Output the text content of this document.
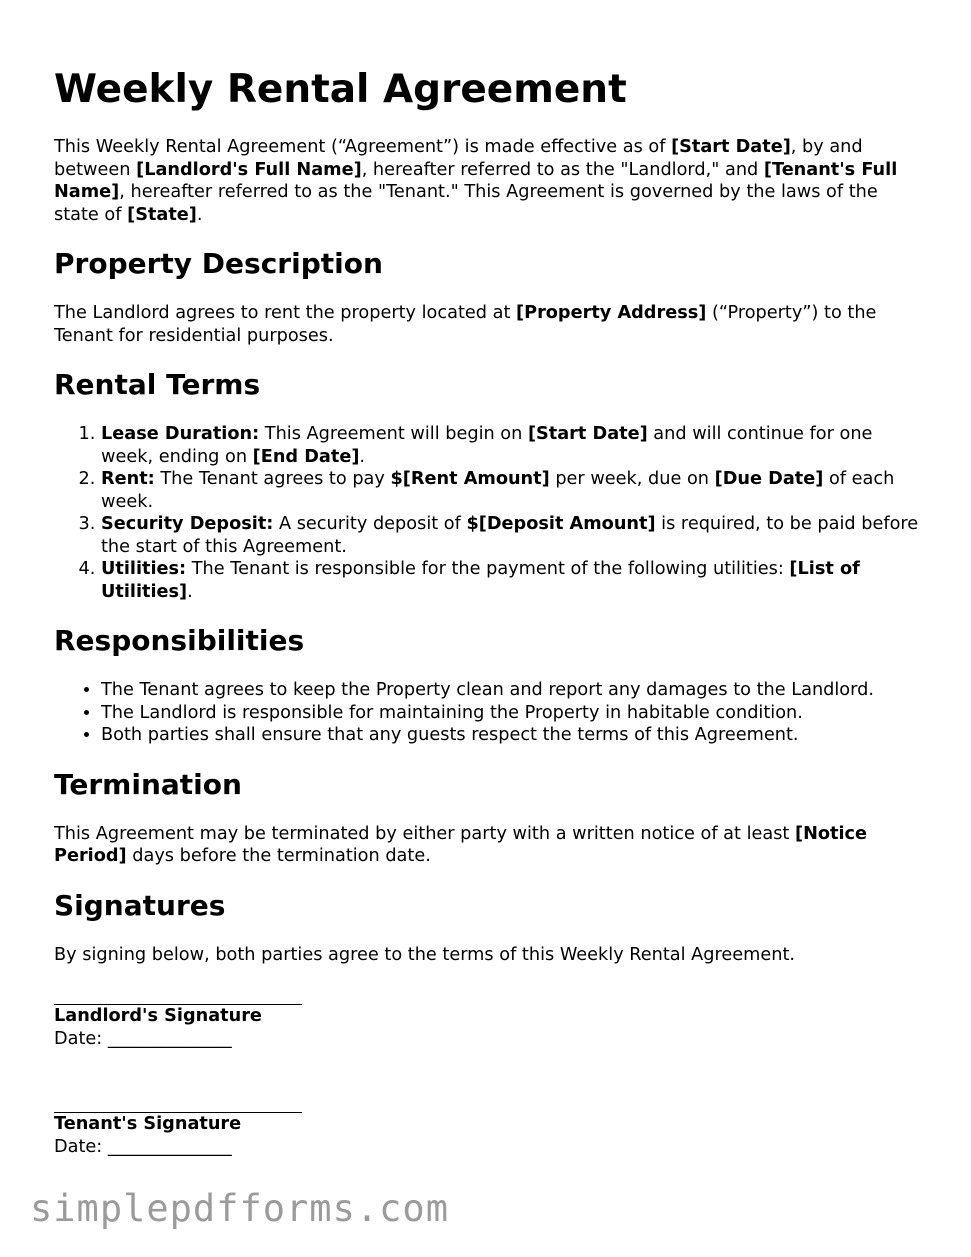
Weekly Rental Agreement

This Weekly Rental Agreement (“Agreement”) is made effective as of [Start Date], by and between [Landlord's Full Name], hereafter referred to as the "Landlord," and [Tenant's Full Name], hereafter referred to as the "Tenant." This Agreement is governed by the laws of the state of [State].

Property Description

The Landlord agrees to rent the property located at [Property Address] (“Property”) to the Tenant for residential purposes.

Rental Terms
1. Lease Duration: This Agreement will begin on [Start Date] and will continue for one week, ending on [End Date].
2. Rent: The Tenant agrees to pay $[Rent Amount] per week, due on [Due Date] of each week.
3. Security Deposit: A security deposit of $[Deposit Amount] is required, to be paid before the start of this Agreement.
4. Utilities: The Tenant is responsible for the payment of the following utilities: [List of Utilities].
Responsibilities
• The Tenant agrees to keep the Property clean and report any damages to the Landlord.
• The Landlord is responsible for maintaining the Property in habitable condition.
• Both parties shall ensure that any guests respect the terms of this Agreement.
Termination

This Agreement may be terminated by either party with a written notice of at least [Notice Period] days before the termination date.

Signatures

By signing below, both parties agree to the terms of this Weekly Rental Agreement.

Landlord's Signature
Date: ______________
Tenant's Signature
Date: ______________
simplepdfforms.com
